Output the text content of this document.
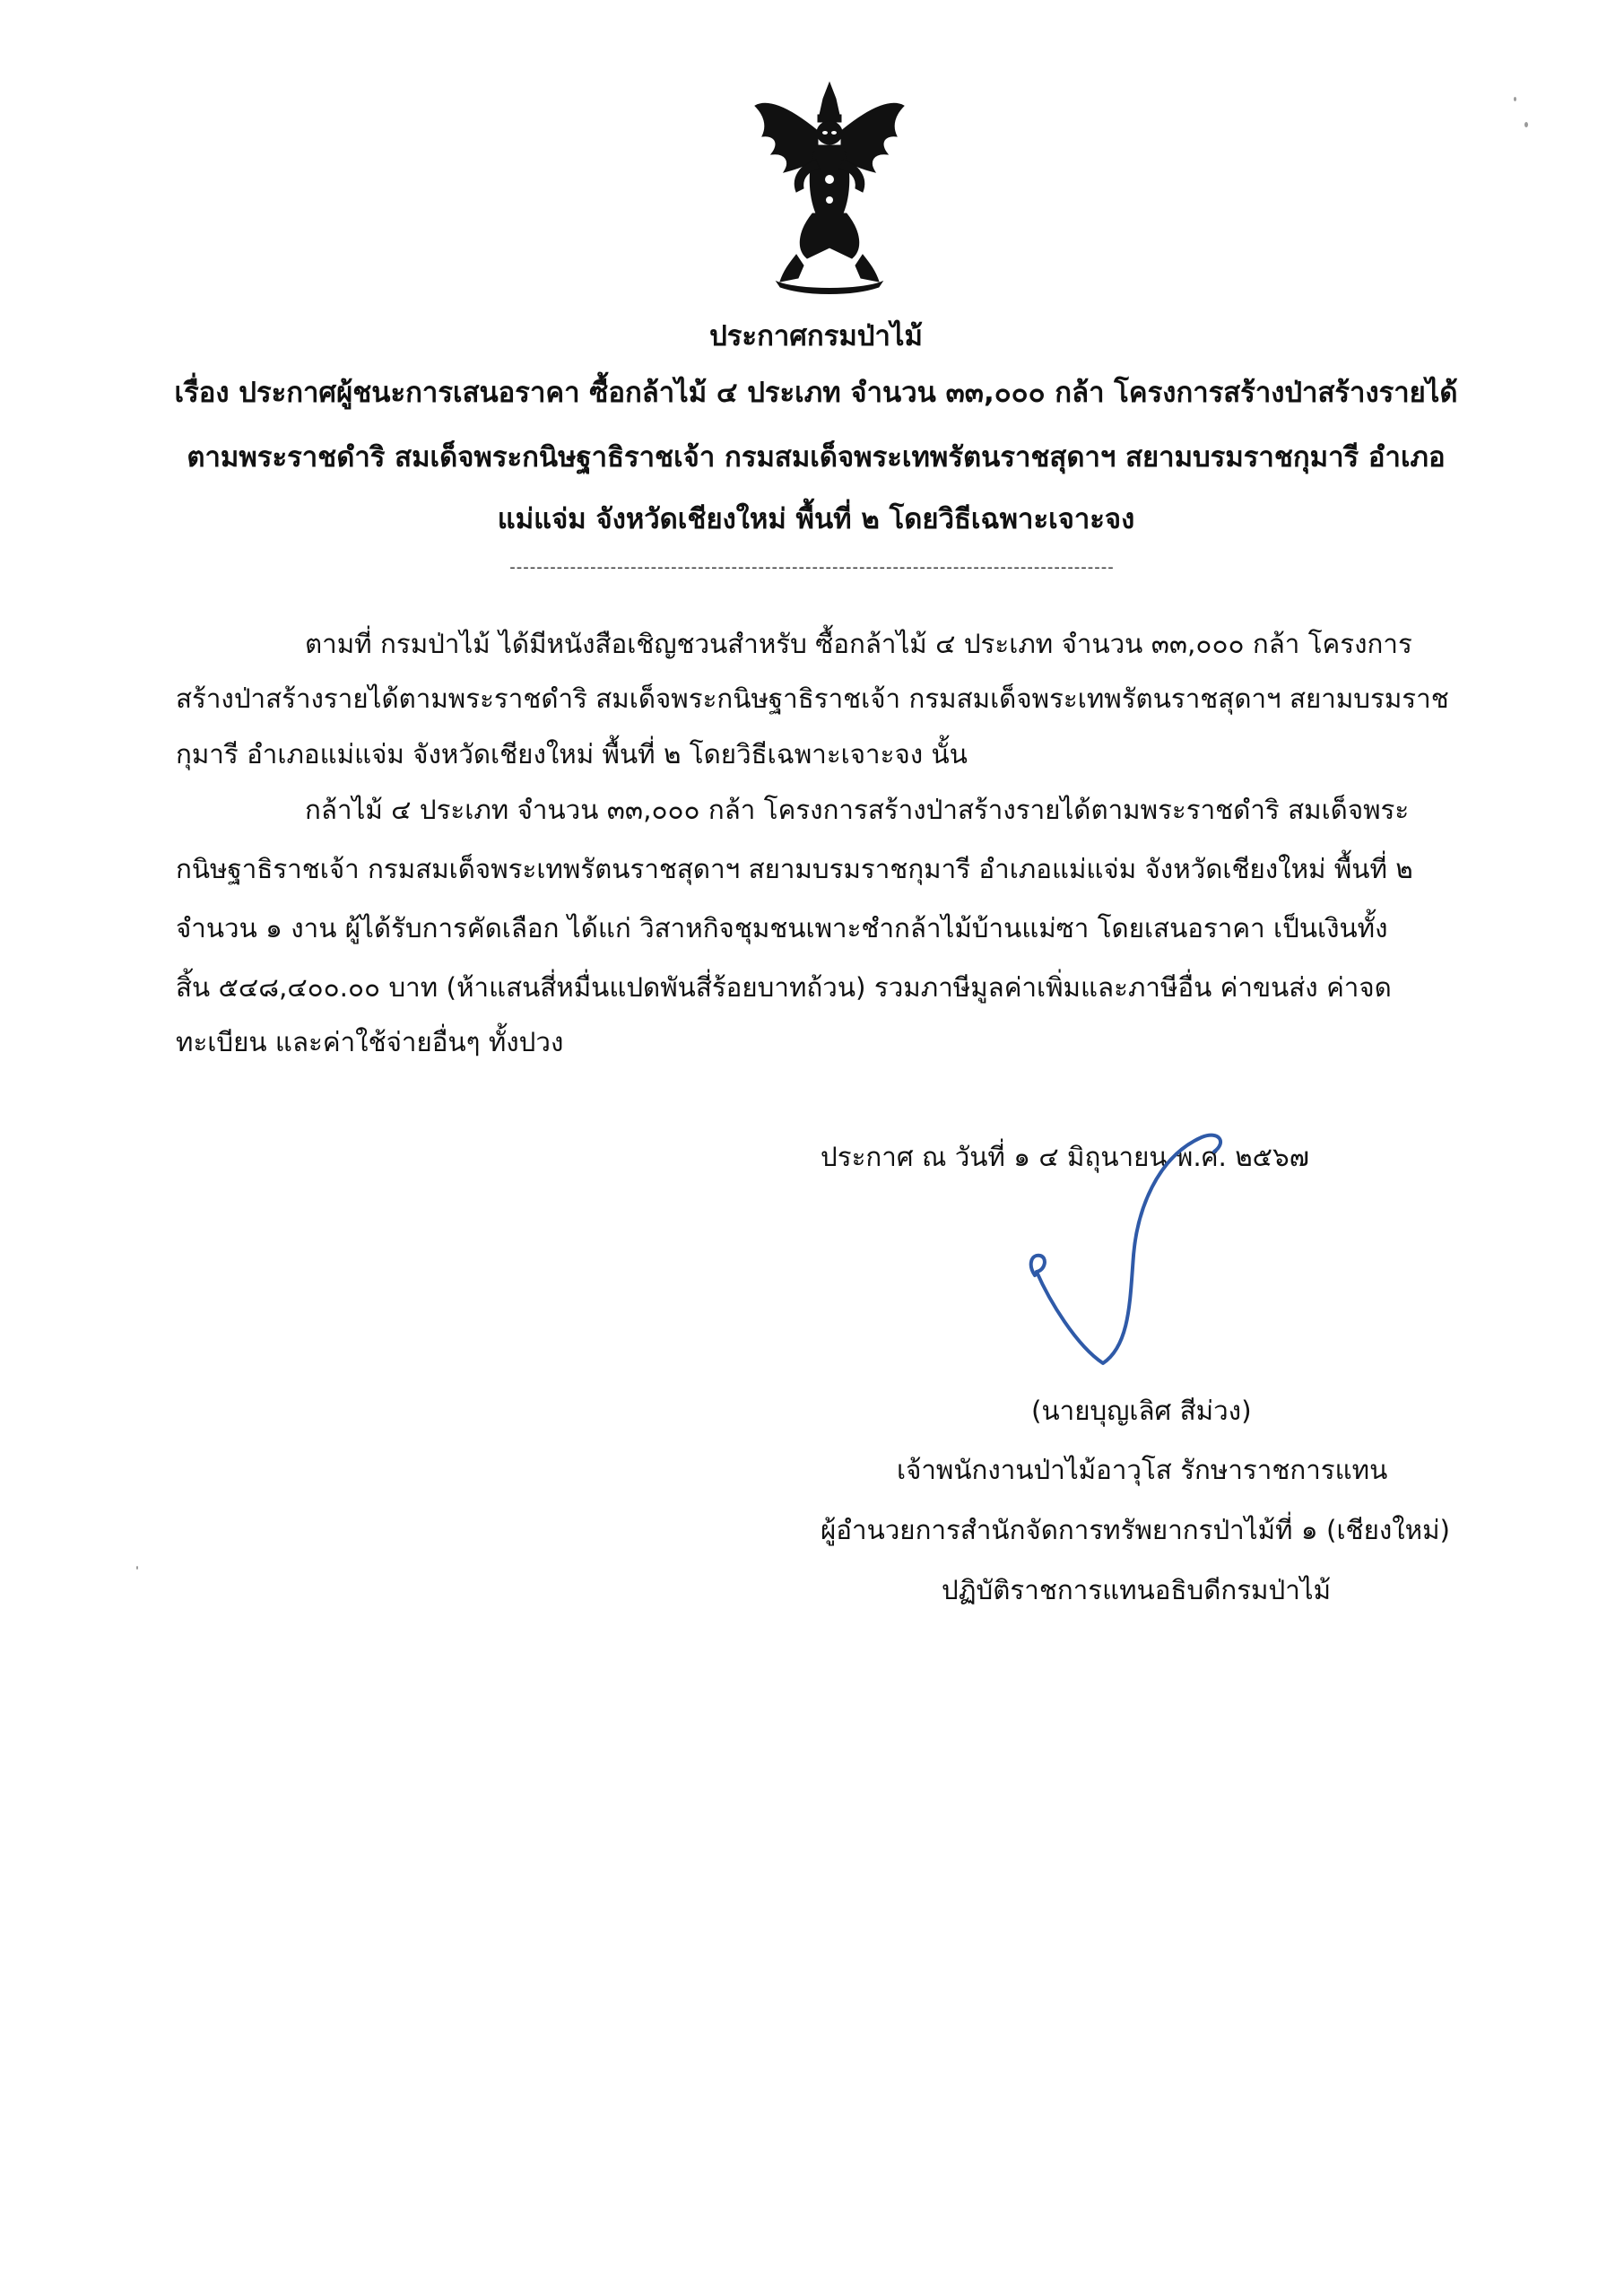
ประกาศกรมป่าไม้
เรื่อง ประกาศผู้ชนะการเสนอราคา ซื้อกล้าไม้ ๔ ประเภท จำนวน ๓๓,๐๐๐ กล้า โครงการสร้างป่าสร้างรายได้
ตามพระราชดำริ สมเด็จพระกนิษฐาธิราชเจ้า กรมสมเด็จพระเทพรัตนราชสุดาฯ สยามบรมราชกุมารี อำเภอ
แม่แจ่ม จังหวัดเชียงใหม่ พื้นที่ ๒ โดยวิธีเฉพาะเจาะจง
------------------------------------------------------------------------------------------
ตามที่ กรมป่าไม้ ได้มีหนังสือเชิญชวนสำหรับ ซื้อกล้าไม้ ๔ ประเภท จำนวน ๓๓,๐๐๐ กล้า โครงการ
สร้างป่าสร้างรายได้ตามพระราชดำริ สมเด็จพระกนิษฐาธิราชเจ้า กรมสมเด็จพระเทพรัตนราชสุดาฯ สยามบรมราช
กุมารี อำเภอแม่แจ่ม จังหวัดเชียงใหม่ พื้นที่ ๒ โดยวิธีเฉพาะเจาะจง นั้น
กล้าไม้ ๔ ประเภท จำนวน ๓๓,๐๐๐ กล้า โครงการสร้างป่าสร้างรายได้ตามพระราชดำริ สมเด็จพระ
กนิษฐาธิราชเจ้า กรมสมเด็จพระเทพรัตนราชสุดาฯ สยามบรมราชกุมารี อำเภอแม่แจ่ม จังหวัดเชียงใหม่ พื้นที่ ๒
จำนวน ๑ งาน ผู้ได้รับการคัดเลือก ได้แก่ วิสาหกิจชุมชนเพาะชำกล้าไม้บ้านแม่ซา โดยเสนอราคา เป็นเงินทั้ง
สิ้น ๕๔๘,๔๐๐.๐๐ บาท (ห้าแสนสี่หมื่นแปดพันสี่ร้อยบาทถ้วน) รวมภาษีมูลค่าเพิ่มและภาษีอื่น ค่าขนส่ง ค่าจด
ทะเบียน และค่าใช้จ่ายอื่นๆ ทั้งปวง
ประกาศ ณ วันที่ ๑ ๔ มิถุนายน พ.ศ. ๒๕๖๗
(นายบุญเลิศ สีม่วง)
เจ้าพนักงานป่าไม้อาวุโส รักษาราชการแทน
ผู้อำนวยการสำนักจัดการทรัพยากรป่าไม้ที่ ๑ (เชียงใหม่)
ปฏิบัติราชการแทนอธิบดีกรมป่าไม้
